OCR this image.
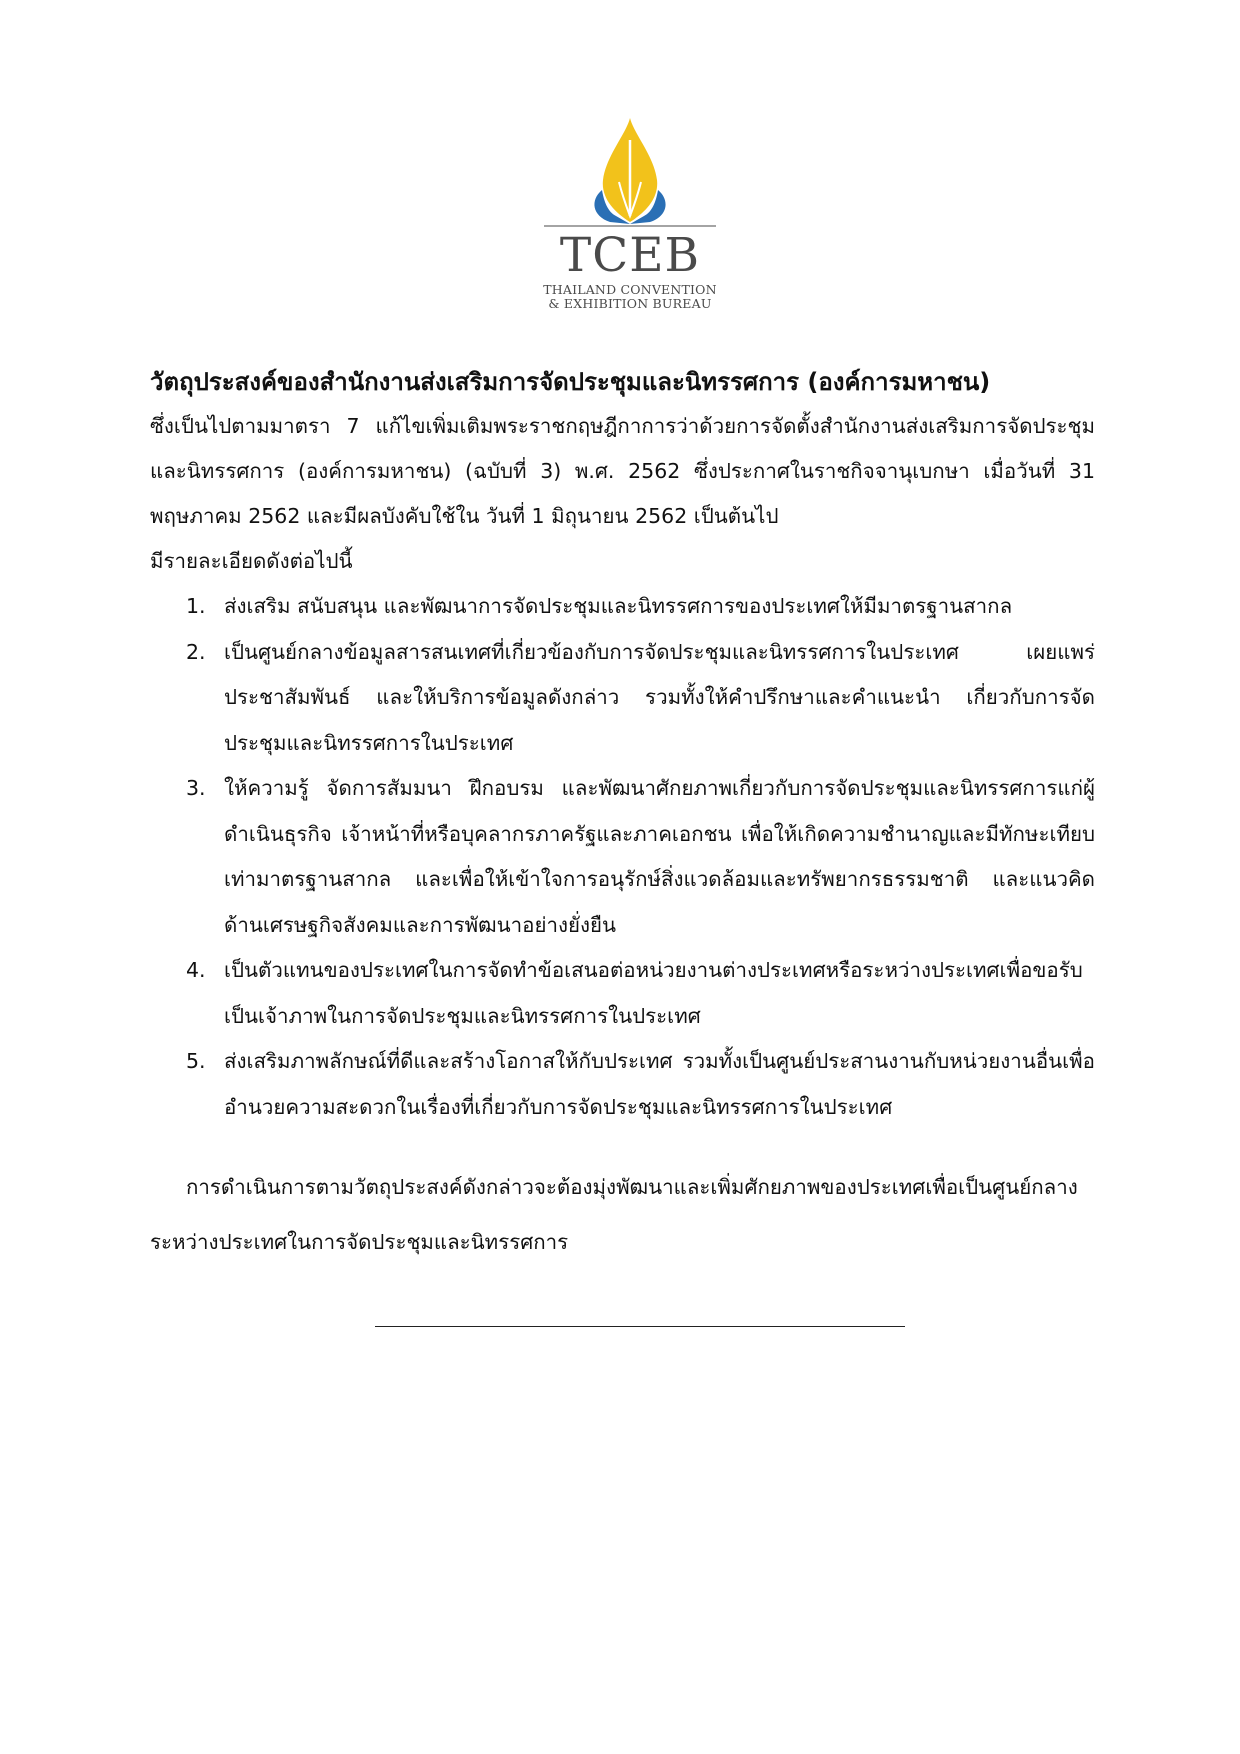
TCEB
THAILAND CONVENTION
& EXHIBITION BUREAU
วัตถุประสงค์ของสำนักงานส่งเสริมการจัดประชุมและนิทรรศการ (องค์การมหาชน)

ซึ่งเป็นไปตามมาตรา 7 แก้ไขเพิ่มเติมพระราชกฤษฎีกาการว่าด้วยการจัดตั้งสำนักงานส่งเสริมการจัดประชุมและนิทรรศการ (องค์การมหาชน) (ฉบับที่ 3) พ.ศ. 2562 ซึ่งประกาศในราชกิจจานุเบกษา เมื่อวันที่ 31 พฤษภาคม 2562 และมีผลบังคับใช้ใน วันที่ 1 มิถุนายน 2562 เป็นต้นไป

มีรายละเอียดดังต่อไปนี้

1. ส่งเสริม สนับสนุน และพัฒนาการจัดประชุมและนิทรรศการของประเทศให้มีมาตรฐานสากล
2. เป็นศูนย์กลางข้อมูลสารสนเทศที่เกี่ยวข้องกับการจัดประชุมและนิทรรศการในประเทศ เผยแพร่ประชาสัมพันธ์ และให้บริการข้อมูลดังกล่าว รวมทั้งให้คำปรึกษาและคำแนะนำ เกี่ยวกับการจัดประชุมและนิทรรศการในประเทศ
3. ให้ความรู้ จัดการสัมมนา ฝึกอบรม และพัฒนาศักยภาพเกี่ยวกับการจัดประชุมและนิทรรศการแก่ผู้ดำเนินธุรกิจ เจ้าหน้าที่หรือบุคลากรภาครัฐและภาคเอกชน เพื่อให้เกิดความชำนาญและมีทักษะเทียบเท่ามาตรฐานสากล และเพื่อให้เข้าใจการอนุรักษ์สิ่งแวดล้อมและทรัพยากรธรรมชาติ และแนวคิดด้านเศรษฐกิจสังคมและการพัฒนาอย่างยั่งยืน
4. เป็นตัวแทนของประเทศในการจัดทำข้อเสนอต่อหน่วยงานต่างประเทศหรือระหว่างประเทศเพื่อขอรับเป็นเจ้าภาพในการจัดประชุมและนิทรรศการในประเทศ
5. ส่งเสริมภาพลักษณ์ที่ดีและสร้างโอกาสให้กับประเทศ รวมทั้งเป็นศูนย์ประสานงานกับหน่วยงานอื่นเพื่ออำนวยความสะดวกในเรื่องที่เกี่ยวกับการจัดประชุมและนิทรรศการในประเทศ

การดำเนินการตามวัตถุประสงค์ดังกล่าวจะต้องมุ่งพัฒนาและเพิ่มศักยภาพของประเทศเพื่อเป็นศูนย์กลางระหว่างประเทศในการจัดประชุมและนิทรรศการ
